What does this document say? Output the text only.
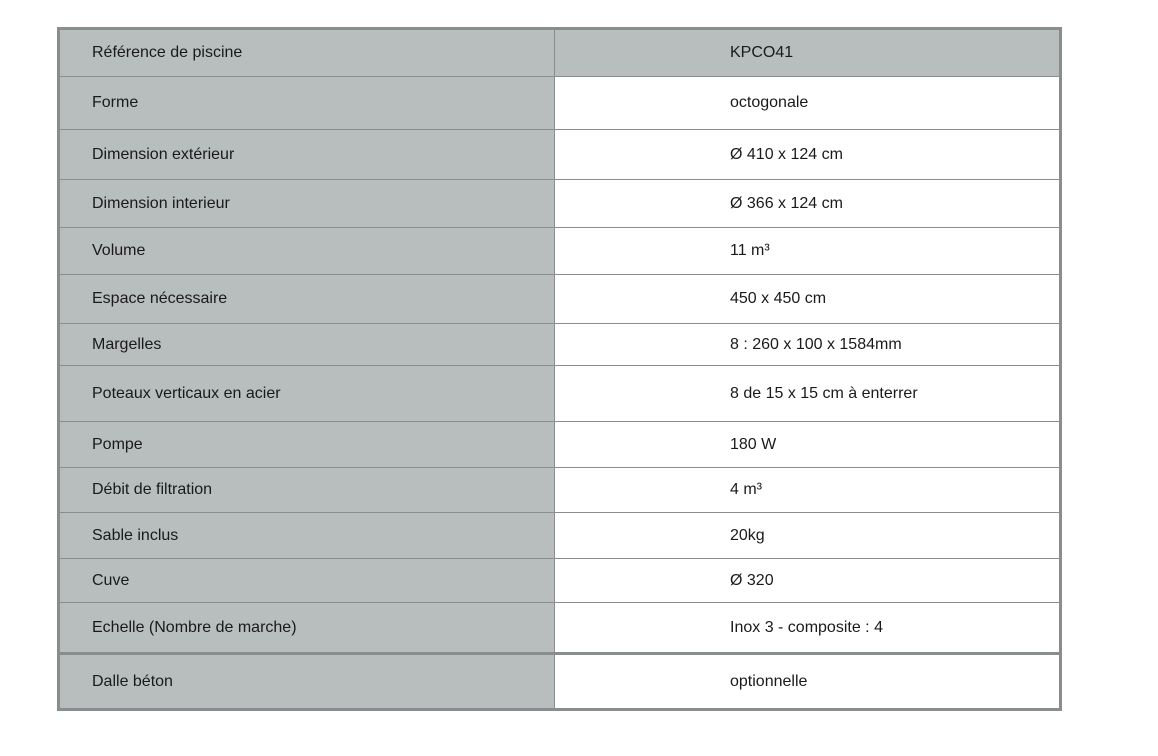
Référence de piscine	KPCO41
Forme	octogonale
Dimension extérieur	Ø 410 x 124 cm
Dimension interieur	Ø 366 x 124 cm
Volume	11 m³
Espace nécessaire	450 x 450 cm
Margelles	8 : 260 x 100 x 1584mm
Poteaux verticaux en acier	8 de 15 x 15 cm à enterrer
Pompe	180 W
Débit de filtration	4 m³
Sable inclus	20kg
Cuve	Ø 320
Echelle (Nombre de marche)	Inox 3 - composite : 4
Dalle béton	optionnelle
